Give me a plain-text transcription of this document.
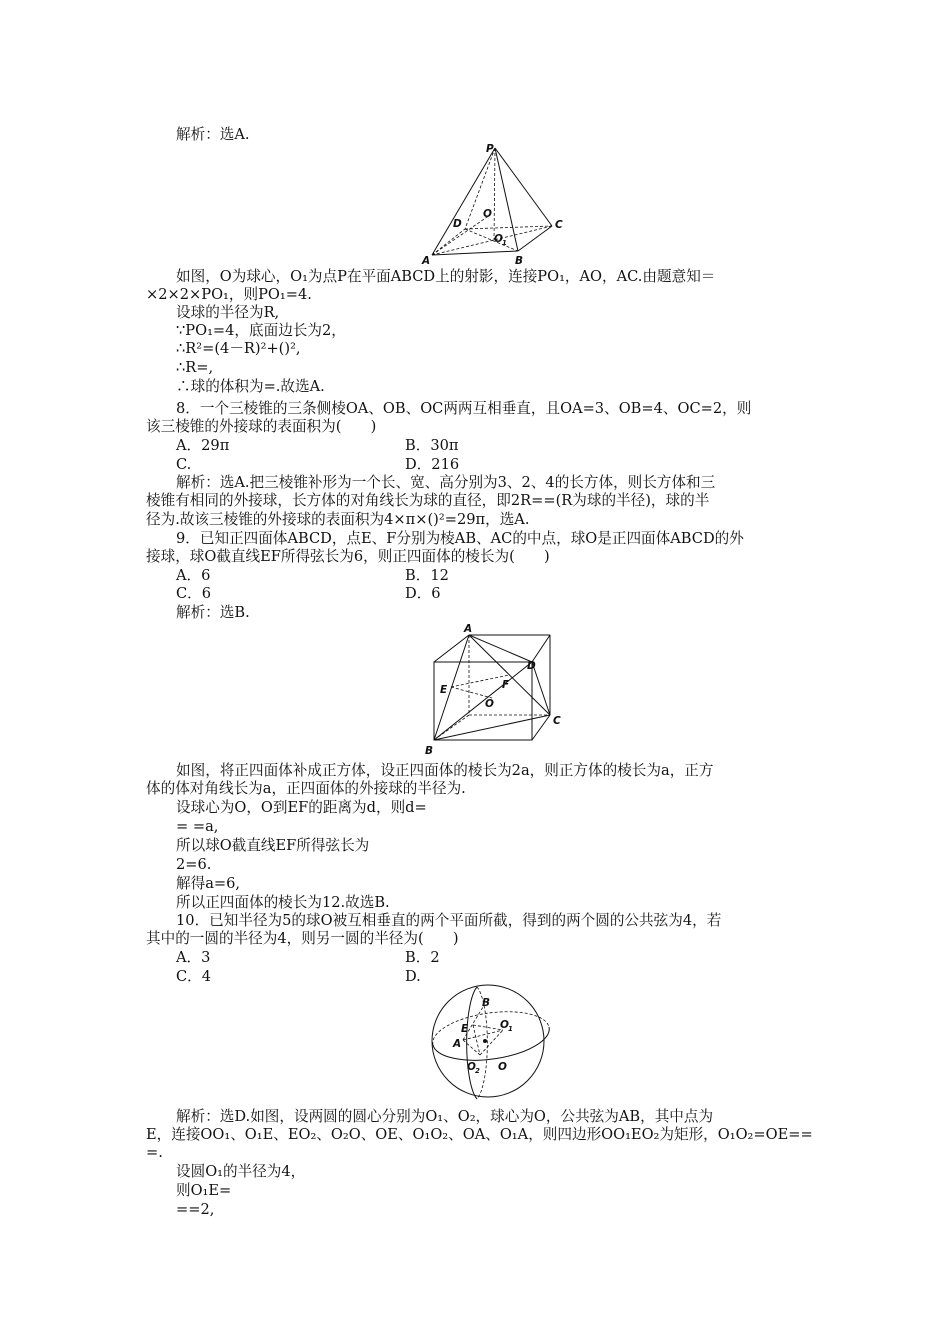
解析：选A.
P
O
D	C
O 1
A	B
如图，O为球心，O₁为点P在平面ABCD上的射影，连接PO₁，AO，AC.由题意知＝
×2×2×PO₁，则PO₁=4.
设球的半径为R,
∵PO₁=4，底面边长为2，
∴R²=(4－R)²+()²,
∴R=,
∴球的体积为=.故选A.
8．一个三棱锥的三条侧棱OA、OB、OC两两互相垂直，且OA=3、OB=4、OC=2，则
该三棱锥的外接球的表面积为(　　)
A．29π	B．30π
C.	D．216
解析：选A.把三棱锥补形为一个长、宽、高分别为3、2、4的长方体，则长方体和三
棱锥有相同的外接球，长方体的对角线长为球的直径，即2R==(R为球的半径)，球的半
径为.故该三棱锥的外接球的表面积为4×π×()²=29π，选A.
9．已知正四面体ABCD，点E、F分别为棱AB、AC的中点，球O是正四面体ABCD的外
接球，球O截直线EF所得弦长为6，则正四面体的棱长为(　　)
A．6	B．12
C．6	D．6
解析：选B.
A
D
E	F
O
C
B
如图，将正四面体补成正方体，设正四面体的棱长为2a，则正方体的棱长为a，正方
体的体对角线长为a，正四面体的外接球的半径为.
设球心为O，O到EF的距离为d，则d=
= =a,
所以球O截直线EF所得弦长为
2=6.
解得a=6,
所以正四面体的棱长为12.故选B.
10．已知半径为5的球O被互相垂直的两个平面所截，得到的两个圆的公共弦为4，若
其中的一圆的半径为4，则另一圆的半径为(　　)
A．3	B．2
C．4	D.
B
E	O 1
A
O 2 O
解析：选D.如图，设两圆的圆心分别为O₁、O₂，球心为O，公共弦为AB，其中点为
E，连接OO₁、O₁E、EO₂、O₂O、OE、O₁O₂、OA、O₁A，则四边形OO₁EO₂为矩形，O₁O₂=OE==
=.
设圆O₁的半径为4，
则O₁E=
==2,
